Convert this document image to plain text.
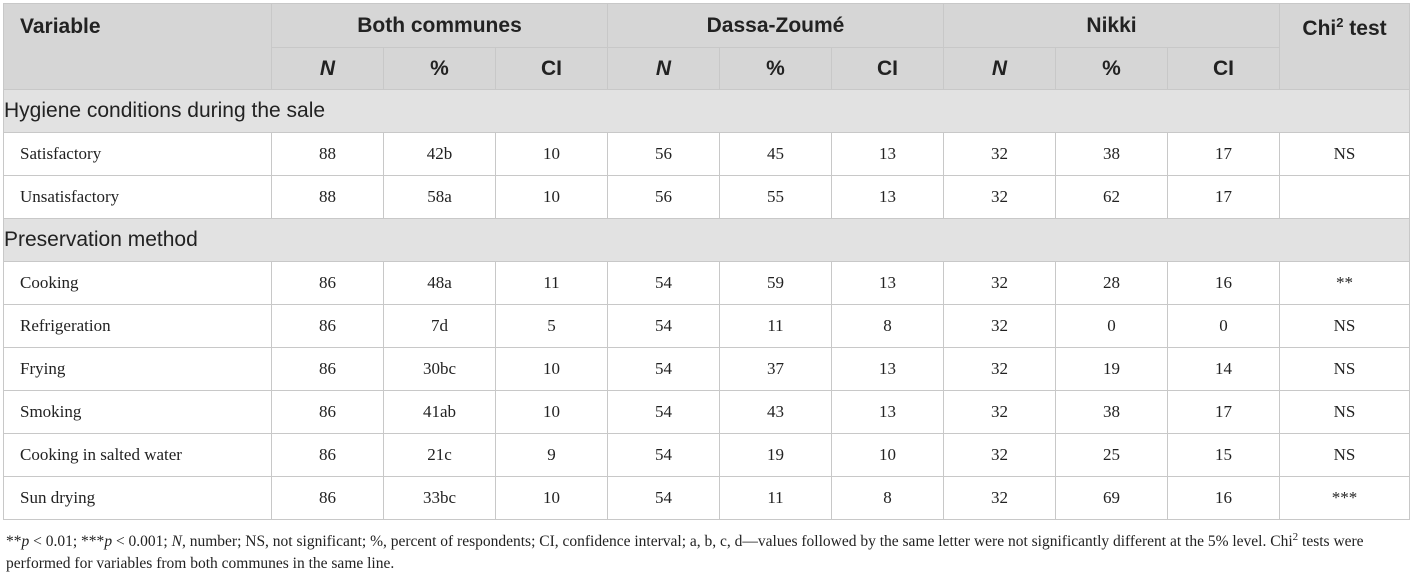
Variable	Both communes			Dassa-Zoumé			Nikki			Chi$^2$ test
	N	%	CI	N	%	CI	N	%	CI	
Hygiene conditions during the sale										
Satisfactory	88	42b	10	56	45	13	32	38	17	NS
Unsatisfactory	88	58a	10	56	55	13	32	62	17	
Preservation method										
Cooking	86	48a	11	54	59	13	32	28	16	**
Refrigeration	86	7d	5	54	11	8	32	0	0	NS
Frying	86	30bc	10	54	37	13	32	19	14	NS
Smoking	86	41ab	10	54	43	13	32	38	17	NS
Cooking in salted water	86	21c	9	54	19	10	32	25	15	NS
Sun drying	86	33bc	10	54	11	8	32	69	16	***
**p < 0.01; ***p < 0.001; N, number; NS, not significant; %, percent of respondents; CI, confidence interval; a, b, c, d—values followed by the same letter were not significantly different at the 5% level. Chi$^2$ tests were performed for variables from both communes in the same line.
